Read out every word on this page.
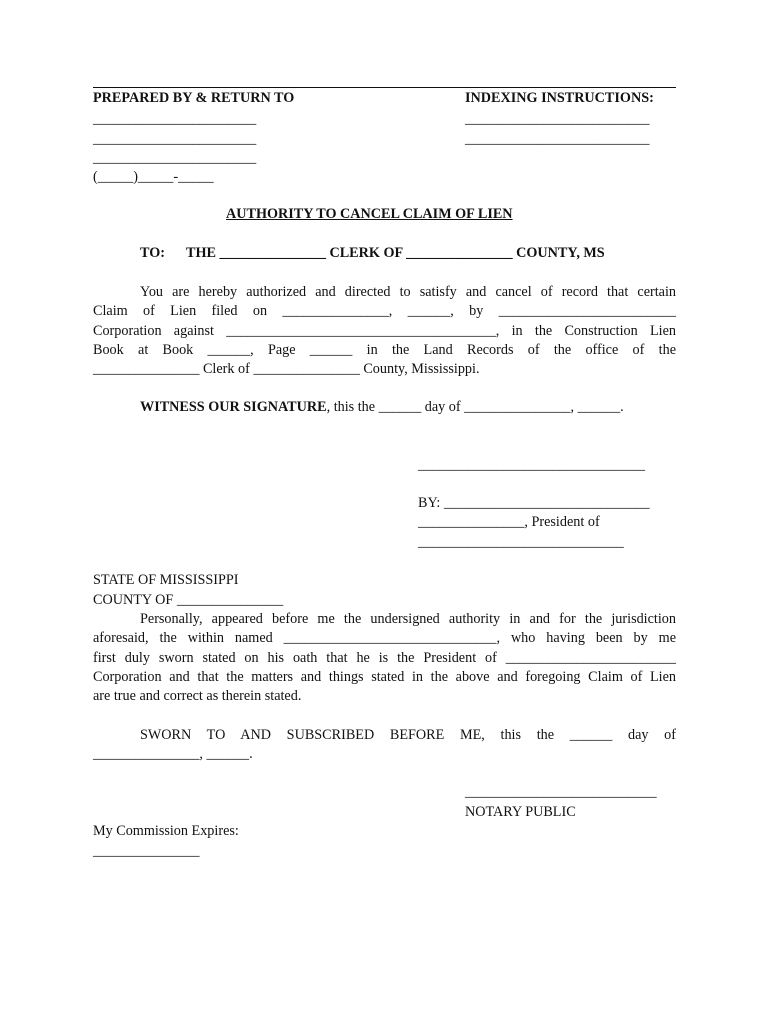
PREPARED BY & RETURN TO	INDEXING INSTRUCTIONS:
_______________________
_______________________
_______________________
(_____)_____-_____
__________________________
__________________________
AUTHORITY TO CANCEL CLAIM OF LIEN
TO: THE _______________ CLERK OF _______________ COUNTY, MS
You are hereby authorized and directed to satisfy and cancel of record that certain
Claim of Lien filed on _______________, ______, by _________________________
Corporation against ______________________________________, in the Construction Lien
Book at Book ______, Page ______ in the Land Records of the office of the
_______________ Clerk of _______________ County, Mississippi.
WITNESS OUR SIGNATURE, this the ______ day of _______________, ______.
________________________________
BY: _____________________________
_______________, President of
_____________________________
STATE OF MISSISSIPPI
COUNTY OF _______________
Personally, appeared before me the undersigned authority in and for the jurisdiction
aforesaid, the within named ______________________________, who having been by me
first duly sworn stated on his oath that he is the President of ________________________
Corporation and that the matters and things stated in the above and foregoing Claim of Lien
are true and correct as therein stated.
SWORN TO AND SUBSCRIBED BEFORE ME, this the ______ day of
_______________, ______.
___________________________
NOTARY PUBLIC
My Commission Expires:
_______________
